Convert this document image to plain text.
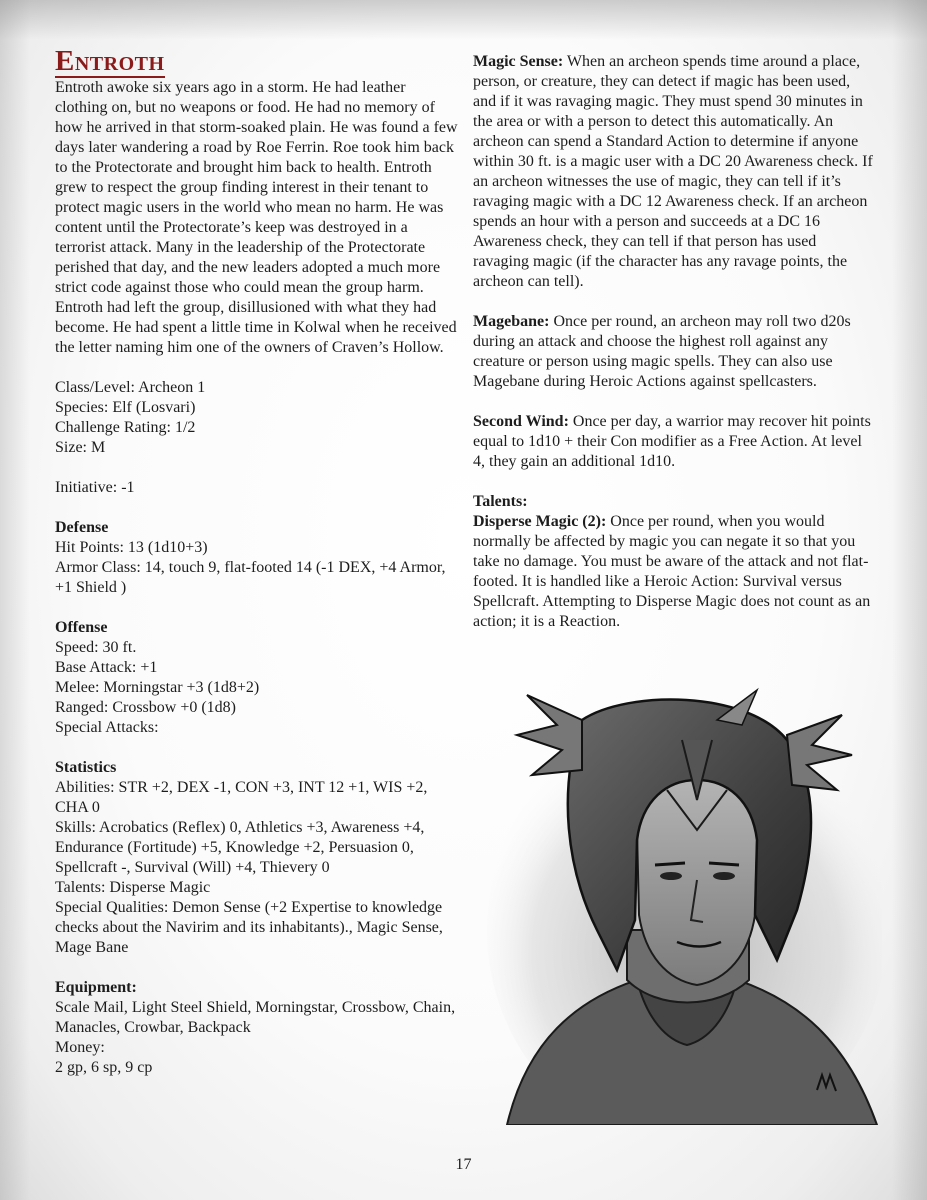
Entroth

Entroth awoke six years ago in a storm. He had leather clothing on, but no weapons or food. He had no memory of how he arrived in that storm-soaked plain. He was found a few days later wandering a road by Roe Ferrin. Roe took him back to the Protectorate and brought him back to health. Entroth grew to respect the group finding interest in their tenant to protect magic users in the world who mean no harm. He was content until the Protectorate’s keep was destroyed in a terrorist attack. Many in the leadership of the Protectorate perished that day, and the new leaders adopted a much more strict code against those who could mean the group harm. Entroth had left the group, disillusioned with what they had become. He had spent a little time in Kolwal when he received the letter naming him one of the owners of Craven’s Hollow.

Class/Level: Archeon 1

Species: Elf (Losvari)

Challenge Rating: 1/2

Size: M

Initiative: -1

Defense

Hit Points: 13 (1d10+3)

Armor Class: 14, touch 9, flat-footed 14 (-1 DEX, +4 Armor, +1 Shield )

Offense

Speed: 30 ft.

Base Attack: +1

Melee: Morningstar +3 (1d8+2)

Ranged: Crossbow +0 (1d8)

Special Attacks:

Statistics

Abilities: STR +2, DEX -1, CON +3, INT 12 +1, WIS +2, CHA 0

Skills: Acrobatics (Reflex) 0, Athletics +3, Awareness +4, Endurance (Fortitude) +5, Knowledge +2, Persuasion 0, Spellcraft -, Survival (Will) +4, Thievery 0

Talents: Disperse Magic

Special Qualities: Demon Sense (+2 Expertise to knowledge checks about the Navirim and its inhabitants)., Magic Sense, Mage Bane

Equipment:

Scale Mail, Light Steel Shield, Morningstar, Crossbow, Chain, Manacles, Crowbar, Backpack

Money:

2 gp, 6 sp, 9 cp

Magic Sense: When an archeon spends time around a place, person, or creature, they can detect if magic has been used, and if it was ravaging magic. They must spend 30 minutes in the area or with a person to detect this automatically. An archeon can spend a Standard Action to determine if anyone within 30 ft. is a magic user with a DC 20 Awareness check. If an archeon witnesses the use of magic, they can tell if it’s ravaging magic with a DC 12 Awareness check. If an archeon spends an hour with a person and succeeds at a DC 16 Awareness check, they can tell if that person has used ravaging magic (if the character has any ravage points, the archeon can tell).

Magebane: Once per round, an archeon may roll two d20s during an attack and choose the highest roll against any creature or person using magic spells. They can also use Magebane during Heroic Actions against spellcasters.

Second Wind: Once per day, a warrior may recover hit points equal to 1d10 + their Con modifier as a Free Action. At level 4, they gain an additional 1d10.

Talents:

Disperse Magic (2): Once per round, when you would normally be affected by magic you can negate it so that you take no damage. You must be aware of the attack and not flat-footed. It is handled like a Heroic Action: Survival versus Spellcraft. Attempting to Disperse Magic does not count as an action; it is a Reaction.

17
